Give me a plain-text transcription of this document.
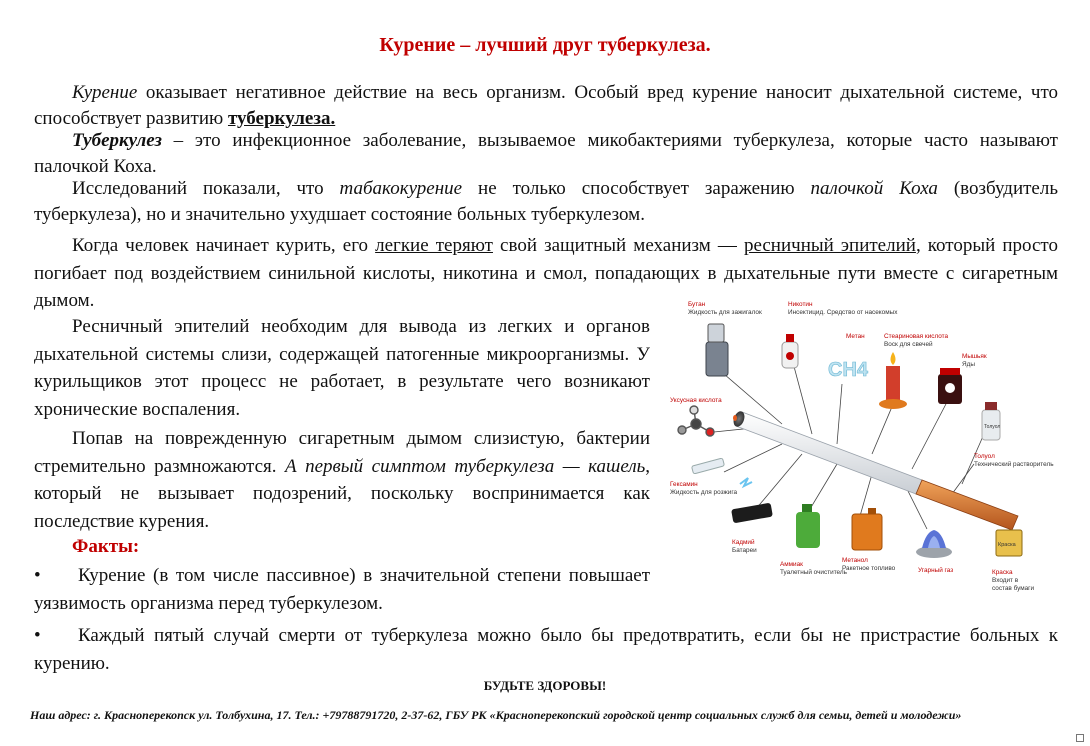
Курение – лучший друг туберкулеза.

Курение оказывает негативное действие на весь организм. Особый вред курение наносит дыхательной системе, что способствует развитию туберкулеза.

Туберкулез – это инфекционное заболевание, вызываемое микобактериями туберкулеза, которые часто называют палочкой Коха.

Исследований показали, что табакокурение не только способствует заражению палочкой Коха (возбудитель туберкулеза), но и значительно ухудшает состояние больных туберкулезом.

Когда человек начинает курить, его легкие теряют свой защитный механизм — ресничный эпителий, который просто погибает под воздействием синильной кислоты, никотина и смол, попадающих в дыхательные пути вместе с сигаретным дымом.

Ресничный эпителий необходим для вывода из легких и органов дыхательной системы слизи, содержащей патогенные микроорганизмы. У курильщиков этот процесс не работает, в результате чего возникают хронические воспаления.

Попав на поврежденную сигаретным дымом слизистую, бактерии стремительно размножаются. А первый симптом туберкулеза — кашель, который не вызывает подозрений, поскольку воспринимается как последствие курения.

Факты:

• Курение (в том числе пассивное) в значительной степени повышает уязвимость организма перед туберкулезом.

• Каждый пятый случай смерти от туберкулеза можно было бы предотвратить, если бы не пристрастие больных к курению.

БУДЬТЕ ЗДОРОВЫ!
Наш адрес: г. Красноперекопск ул. Толбухина, 17. Тел.: +79788791720, 2-37-62, ГБУ РК «Красноперекопский городской центр социальных служб для семьи, детей и молодежи»
CH4
Толуол
Краска
Бутан
Жидкость для зажигалок
Никотин
Инсектицид. Средство от насекомых
Метан	Стеариновая кислота
Воск для свечей
Мышьяк
Яды
Уксусная кислота
Толуол
Технический растворитель
Гексамин
Жидкость для розжига
Кадмий
Батареи
Аммиак
Туалетный очиститель
Метанол
Ракетное топливо	Угарный газ	Краска
Входит в
состав бумаги
